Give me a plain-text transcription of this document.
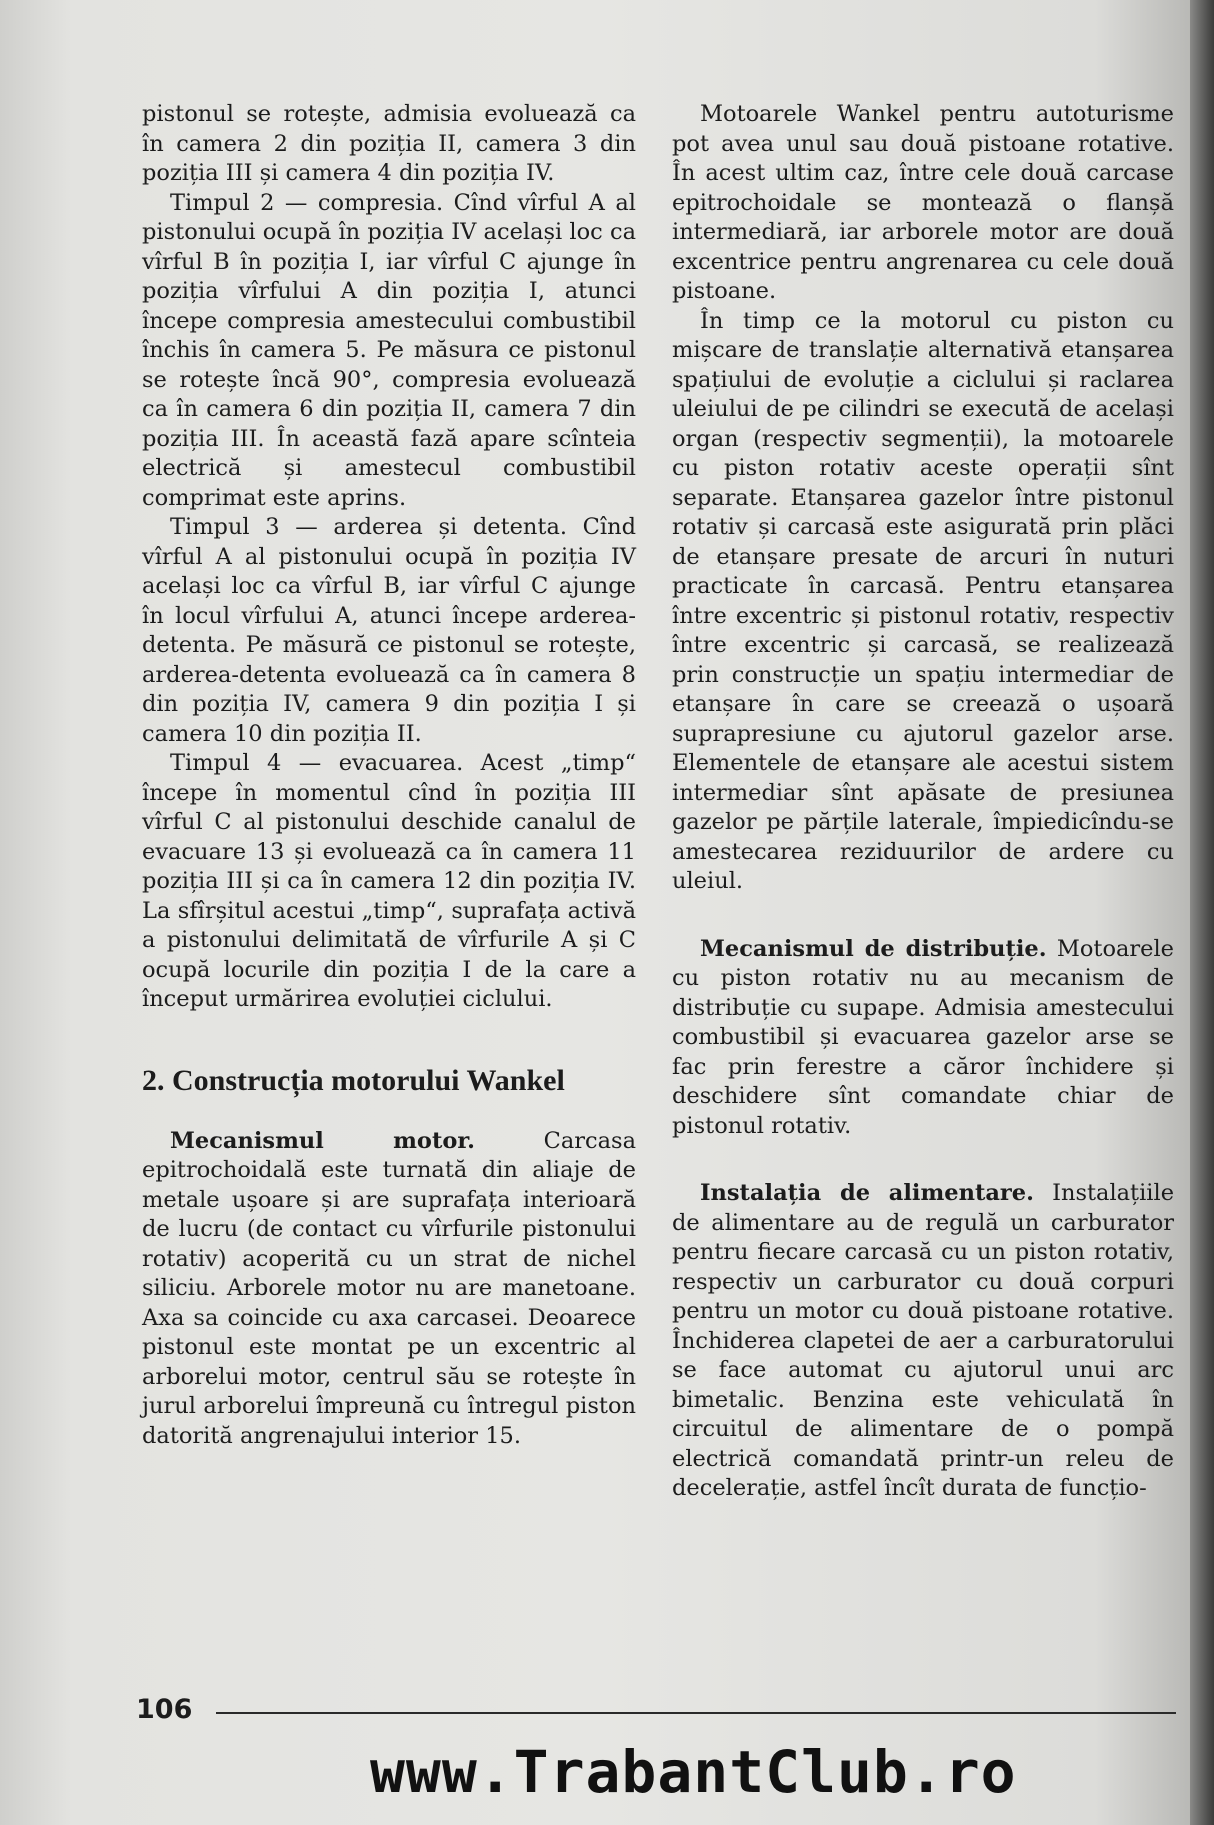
pistonul se rotește, admisia evoluează ca în camera 2 din poziția II, camera 3 din poziția III și camera 4 din poziția IV.

Timpul 2 — compresia. Cînd vîrful A al pistonului ocupă în poziția IV același loc ca vîrful B în poziția I, iar vîrful C ajunge în poziția vîrfului A din poziția I, atunci începe compresia amestecului combustibil închis în camera 5. Pe măsura ce pistonul se rotește încă 90°, compresia evoluează ca în camera 6 din poziția II, camera 7 din poziția III. În această fază apare scînteia electrică și amestecul combustibil comprimat este aprins.

Timpul 3 — arderea și detenta. Cînd vîrful A al pistonului ocupă în poziția IV același loc ca vîrful B, iar vîrful C ajunge în locul vîrfului A, atunci începe arderea-detenta. Pe măsură ce pistonul se rotește, arderea-detenta evoluează ca în camera 8 din poziția IV, camera 9 din poziția I și camera 10 din poziția II.

Timpul 4 — evacuarea. Acest „timp“ începe în momentul cînd în poziția III vîrful C al pistonului deschide canalul de evacuare 13 și evoluează ca în camera 11 poziția III și ca în camera 12 din poziția IV. La sfîrșitul acestui „timp“, suprafața activă a pistonului delimitată de vîrfurile A și C ocupă locurile din poziția I de la care a început urmărirea evoluției ciclului.

2. Construcția motorului Wankel

Mecanismul motor. Carcasa epitrochoidală este turnată din aliaje de metale ușoare și are suprafața interioară de lucru (de contact cu vîrfurile pistonului rotativ) acoperită cu un strat de nichel siliciu. Arborele motor nu are manetoane. Axa sa coincide cu axa carcasei. Deoarece pistonul este montat pe un excentric al arborelui motor, centrul său se rotește în jurul arborelui împreună cu întregul piston datorită angrenajului interior 15.

Motoarele Wankel pentru autoturisme pot avea unul sau două pistoane rotative. În acest ultim caz, între cele două carcase epitrochoidale se montează o flanșă intermediară, iar arborele motor are două excentrice pentru angrenarea cu cele două pistoane.

În timp ce la motorul cu piston cu mișcare de translație alternativă etanșarea spațiului de evoluție a ciclului și raclarea uleiului de pe cilindri se execută de același organ (respectiv segmenții), la motoarele cu piston rotativ aceste operații sînt separate. Etanșarea gazelor între pistonul rotativ și carcasă este asigurată prin plăci de etanșare presate de arcuri în nuturi practicate în carcasă. Pentru etanșarea între excentric și pistonul rotativ, respectiv între excentric și carcasă, se realizează prin construcție un spațiu intermediar de etanșare în care se creează o ușoară suprapresiune cu ajutorul gazelor arse. Elementele de etanșare ale acestui sistem intermediar sînt apăsate de presiunea gazelor pe părțile laterale, împiedicîndu-se amestecarea reziduurilor de ardere cu uleiul.

Mecanismul de distribuție. Motoarele cu piston rotativ nu au mecanism de distribuție cu supape. Admisia amestecului combustibil și evacuarea gazelor arse se fac prin ferestre a căror închidere și deschidere sînt comandate chiar de pistonul rotativ.

Instalația de alimentare. Instalațiile de alimentare au de regulă un carburator pentru fiecare carcasă cu un piston rotativ, respectiv un carburator cu două corpuri pentru un motor cu două pistoane rotative. Închiderea clapetei de aer a carburatorului se face automat cu ajutorul unui arc bimetalic. Benzina este vehiculată în circuitul de alimentare de o pompă electrică comandată printr-un releu de decelerație, astfel încît durata de funcțio-

106
www.TrabantClub.ro
